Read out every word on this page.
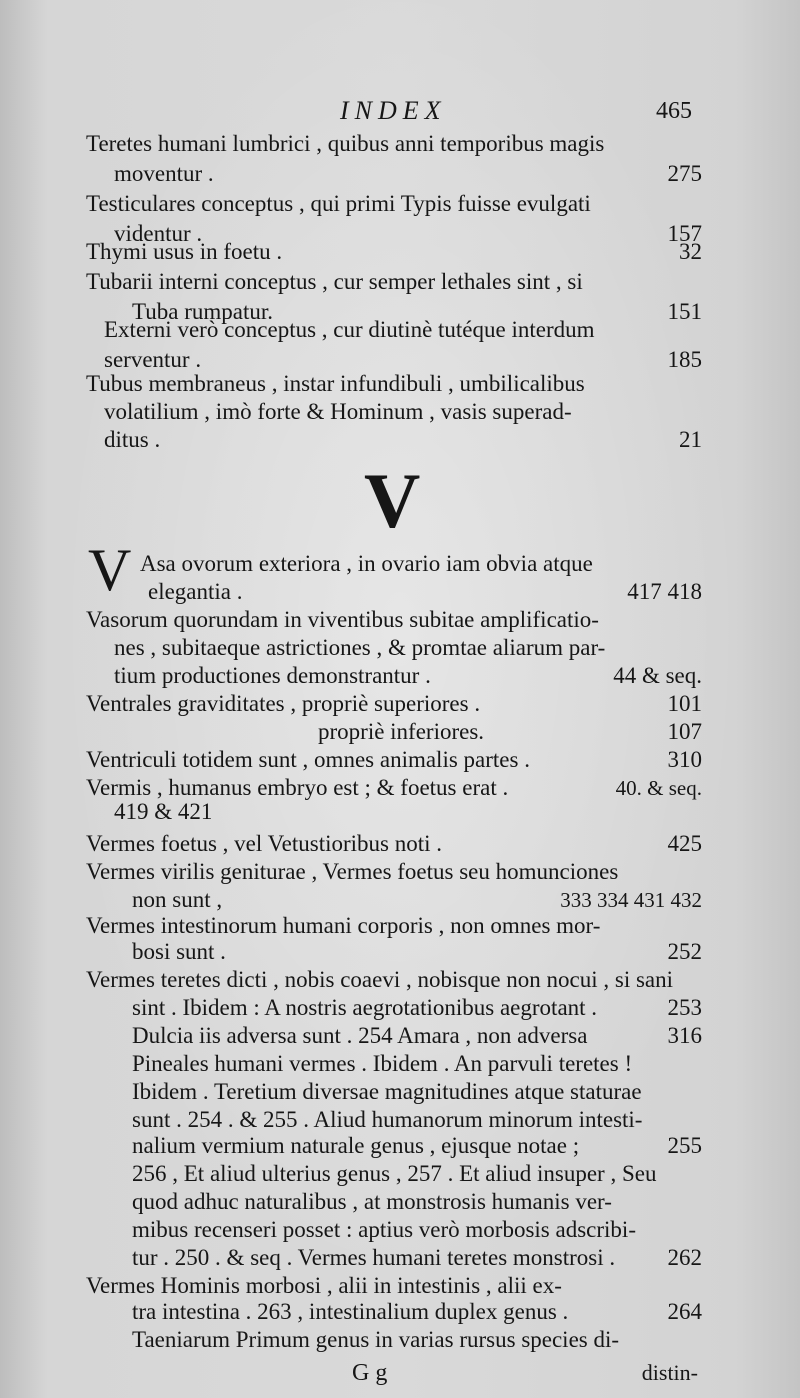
INDEX	465
Teretes humani lumbrici , quibus anni temporibus magis
moventur .	275
Testiculares conceptus , qui primi Typis fuisse evulgati
videntur .	157
Thymi usus in foetu .	32
Tubarii interni conceptus , cur semper lethales sint , si
Tuba rumpatur.	151
Externi verò conceptus , cur diutinè tutéque interdum
serventur .	185
Tubus membraneus , instar infundibuli , umbilicalibus
volatilium , imò forte & Hominum , vasis superad-
ditus .	21
Asa ovorum exteriora , in ovario iam obvia atque
elegantia .	417 418
Vasorum quorundam in viventibus subitae amplificatio-
nes , subitaeque astrictiones , & promtae aliarum par-
tium productiones demonstrantur .	44 & seq.
Ventrales graviditates , propriè superiores .	101
propriè inferiores.	107
Ventriculi totidem sunt , omnes animalis partes .	310
Vermis , humanus embryo est ; & foetus erat .	40. & seq.
419 & 421
Vermes foetus , vel Vetustioribus noti .	425
Vermes virilis geniturae , Vermes foetus seu homunciones
non sunt ,	333 334 431 432
Vermes intestinorum humani corporis , non omnes mor-
bosi sunt .	252
Vermes teretes dicti , nobis coaevi , nobisque non nocui , si sani
sint . Ibidem : A nostris aegrotationibus aegrotant .	253
Dulcia iis adversa sunt . 254 Amara , non adversa	316
Pineales humani vermes . Ibidem . An parvuli teretes !
Ibidem . Teretium diversae magnitudines atque staturae
sunt . 254 . & 255 . Aliud humanorum minorum intesti-
nalium vermium naturale genus , ejusque notae ;	255
256 , Et aliud ulterius genus , 257 . Et aliud insuper , Seu
quod adhuc naturalibus , at monstrosis humanis ver-
mibus recenseri posset : aptius verò morbosis adscribi-
tur . 250 . & seq . Vermes humani teretes monstrosi . 262
Vermes Hominis morbosi , alii in intestinis , alii ex-
tra intestina . 263 , intestinalium duplex genus .	264
Taeniarum Primum genus in varias rursus species di-
V
V
G g	distin-
